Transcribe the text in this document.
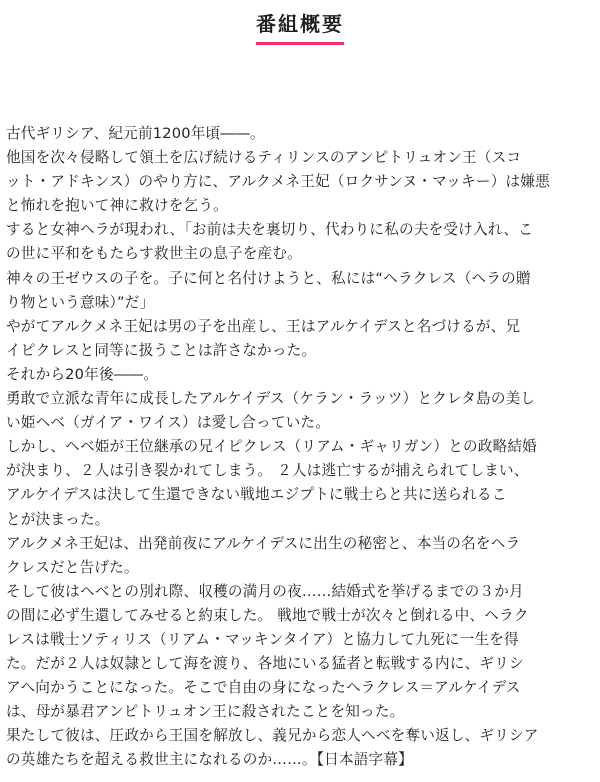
番組概要
古代ギリシア、紀元前1200年頃――。
他国を次々侵略して領土を広げ続けるティリンスのアンピトリュオン王（スコ
ット・アドキンス）のやり方に、アルクメネ王妃（ロクサンヌ・マッキー）は嫌悪
と怖れを抱いて神に救けを乞う。
すると女神ヘラが現われ、「お前は夫を裏切り、代わりに私の夫を受け入れ、こ
の世に平和をもたらす救世主の息子を産む。
神々の王ゼウスの子を。子に何と名付けようと、私には“ヘラクレス（ヘラの贈
り物という意味）”だ」
やがてアルクメネ王妃は男の子を出産し、王はアルケイデスと名づけるが、兄
イピクレスと同等に扱うことは許さなかった。
それから20年後――。
勇敢で立派な青年に成長したアルケイデス（ケラン・ラッツ）とクレタ島の美し
い姫ヘベ（ガイア・ワイス）は愛し合っていた。
しかし、ヘベ姫が王位継承の兄イピクレス（リアム・ギャリガン）との政略結婚
が決まり、２人は引き裂かれてしまう。 ２人は逃亡するが捕えられてしまい、
アルケイデスは決して生還できない戦地エジプトに戦士らと共に送られるこ
とが決まった。
アルクメネ王妃は、出発前夜にアルケイデスに出生の秘密と、本当の名をヘラ
クレスだと告げた。
そして彼はヘベとの別れ際、収穫の満月の夜……結婚式を挙げるまでの３か月
の間に必ず生還してみせると約束した。 戦地で戦士が次々と倒れる中、ヘラク
レスは戦士ソティリス（リアム・マッキンタイア）と協力して九死に一生を得
た。だが２人は奴隷として海を渡り、各地にいる猛者と転戦する内に、ギリシ
アへ向かうことになった。そこで自由の身になったヘラクレス＝アルケイデス
は、母が暴君アンピトリュオン王に殺されたことを知った。
果たして彼は、圧政から王国を解放し、義兄から恋人ヘベを奪い返し、ギリシア
の英雄たちを超える救世主になれるのか……。【日本語字幕】
